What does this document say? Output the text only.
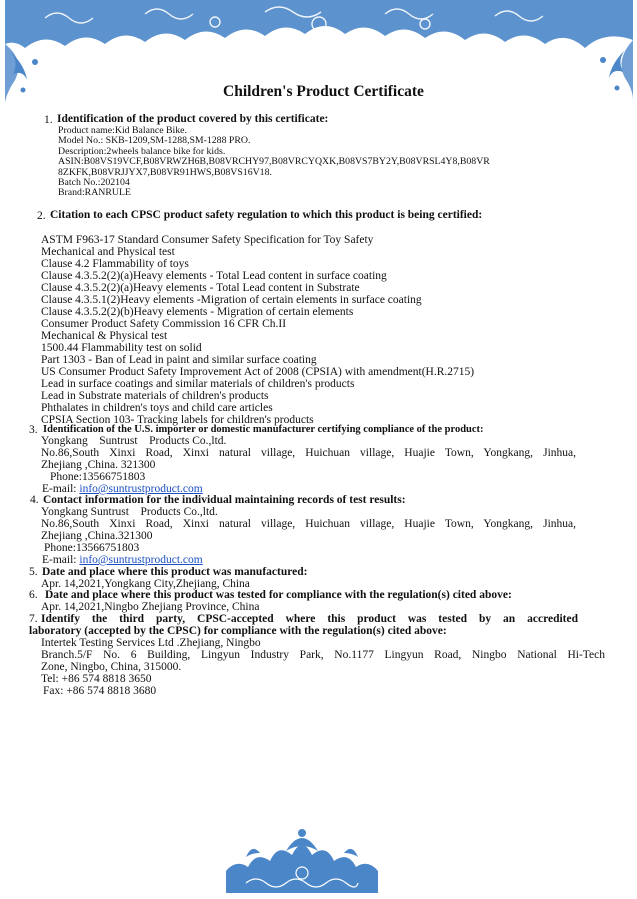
Children's Product Certificate
1. Identification of the product covered by this certificate:
Product name:Kid Balance Bike.
Model No.: SKB-1209,SM-1288,SM-1288 PRO.
Description:2wheels balance bike for kids.
ASIN:B08VS19VCF,B08VRWZH6B,B08VRCHY97,B08VRCYQXK,B08VS7BY2Y,B08VRSL4Y8,B08VR
8ZKFK,B08VRJJYX7,B08VR91HWS,B08VS16V18.
Batch No.:202104
Brand:RANRULE
2. Citation to each CPSC product safety regulation to which this product is being certified:
ASTM F963-17 Standard Consumer Safety Specification for Toy Safety
Mechanical and Physical test
Clause 4.2 Flammability of toys
Clause 4.3.5.2(2)(a)Heavy elements - Total Lead content in surface coating
Clause 4.3.5.2(2)(a)Heavy elements - Total Lead content in Substrate
Clause 4.3.5.1(2)Heavy elements -Migration of certain elements in surface coating
Clause 4.3.5.2(2)(b)Heavy elements - Migration of certain elements
Consumer Product Safety Commission 16 CFR Ch.II
Mechanical & Physical test
1500.44 Flammability test on solid
Part 1303 - Ban of Lead in paint and similar surface coating
US Consumer Product Safety Improvement Act of 2008 (CPSIA) with amendment(H.R.2715)
Lead in surface coatings and similar materials of children's products
Lead in Substrate materials of children's products
Phthalates in children's toys and child care articles
CPSIA Section 103- Tracking labels for children's products
3. Identification of the U.S. importer or domestic manufacturer certifying compliance of the product:
Yongkang    Suntrust    Products Co.,ltd.
No.86,South Xinxi Road, Xinxi natural village, Huichuan village, Huajie Town, Yongkang, Jinhua,
Zhejiang ,China. 321300
Phone:13566751803
E-mail: info@suntrustproduct.com
4. Contact information for the individual maintaining records of test results:
Yongkang Suntrust    Products Co.,ltd.
No.86,South Xinxi Road, Xinxi natural village, Huichuan village, Huajie Town, Yongkang, Jinhua,
Zhejiang ,China.321300
Phone:13566751803
E-mail: info@suntrustproduct.com
5. Date and place where this product was manufactured:
Apr. 14,2021,Yongkang City,Zhejiang, China
6. Date and place where this product was tested for compliance with the regulation(s) cited above:
Apr. 14,2021,Ningbo Zhejiang Province, China
7. Identify the third party, CPSC-accepted where this product was tested by an accredited
laboratory (accepted by the CPSC) for compliance with the regulation(s) cited above:
Intertek Testing Services Ltd .Zhejiang, Ningbo
Branch.5/F No. 6 Building, Lingyun Industry Park, No.1177 Lingyun Road, Ningbo National Hi-Tech
Zone, Ningbo, China, 315000.
Tel: +86 574 8818 3650
Fax: +86 574 8818 3680
